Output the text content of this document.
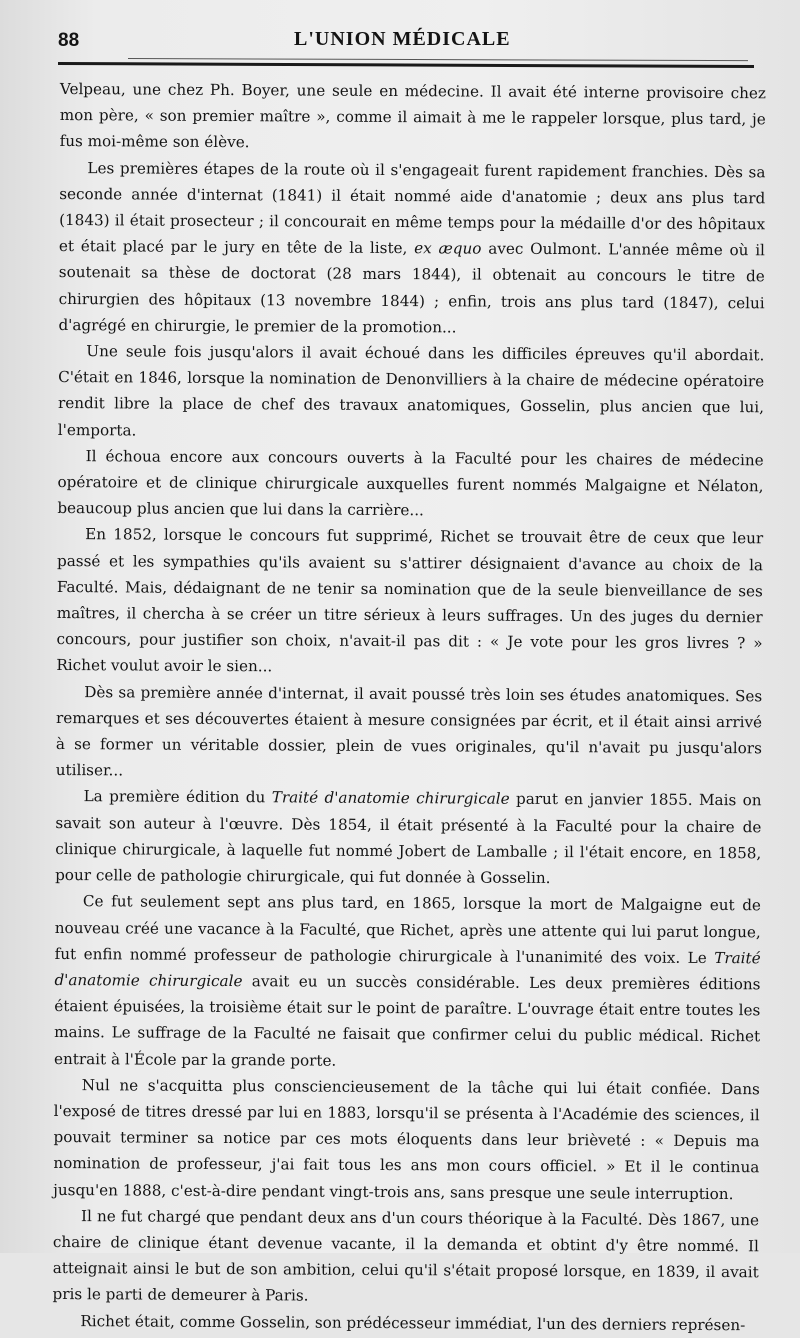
88	L'UNION MÉDICALE

Velpeau, une chez Ph. Boyer, une seule en médecine. Il avait été interne provisoire chez mon père, « son premier maître », comme il aimait à me le rappeler lorsque, plus tard, je fus moi-même son élève.

Les premières étapes de la route où il s'engageait furent rapidement franchies. Dès sa seconde année d'internat (1841) il était nommé aide d'anatomie ; deux ans plus tard (1843) il était prosecteur ; il concourait en même temps pour la médaille d'or des hôpitaux et était placé par le jury en tête de la liste, ex æquo avec Oulmont. L'année même où il soutenait sa thèse de doctorat (28 mars 1844), il obtenait au concours le titre de chirurgien des hôpitaux (13 novembre 1844) ; enfin, trois ans plus tard (1847), celui d'agrégé en chirurgie, le premier de la promotion...

Une seule fois jusqu'alors il avait échoué dans les difficiles épreuves qu'il abordait. C'était en 1846, lorsque la nomination de Denonvilliers à la chaire de médecine opératoire rendit libre la place de chef des travaux anatomiques, Gosselin, plus ancien que lui, l'emporta.

Il échoua encore aux concours ouverts à la Faculté pour les chaires de médecine opératoire et de clinique chirurgicale auxquelles furent nommés Malgaigne et Nélaton, beaucoup plus ancien que lui dans la carrière...

En 1852, lorsque le concours fut supprimé, Richet se trouvait être de ceux que leur passé et les sympathies qu'ils avaient su s'attirer désignaient d'avance au choix de la Faculté. Mais, dédaignant de ne tenir sa nomination que de la seule bienveillance de ses maîtres, il chercha à se créer un titre sérieux à leurs suffrages. Un des juges du dernier concours, pour justifier son choix, n'avait-il pas dit : « Je vote pour les gros livres ? » Richet voulut avoir le sien...

Dès sa première année d'internat, il avait poussé très loin ses études anatomiques. Ses remarques et ses découvertes étaient à mesure consignées par écrit, et il était ainsi arrivé à se former un véritable dossier, plein de vues originales, qu'il n'avait pu jusqu'alors utiliser...

La première édition du Traité d'anatomie chirurgicale parut en janvier 1855. Mais on savait son auteur à l'œuvre. Dès 1854, il était présenté à la Faculté pour la chaire de clinique chirurgicale, à laquelle fut nommé Jobert de Lamballe ; il l'était encore, en 1858, pour celle de pathologie chirurgicale, qui fut donnée à Gosselin.

Ce fut seulement sept ans plus tard, en 1865, lorsque la mort de Malgaigne eut de nouveau créé une vacance à la Faculté, que Richet, après une attente qui lui parut longue, fut enfin nommé professeur de pathologie chirurgicale à l'unanimité des voix. Le Traité d'anatomie chirurgicale avait eu un succès considérable. Les deux premières éditions étaient épuisées, la troisième était sur le point de paraître. L'ouvrage était entre toutes les mains. Le suffrage de la Faculté ne faisait que confirmer celui du public médical. Richet entrait à l'École par la grande porte.

Nul ne s'acquitta plus consciencieusement de la tâche qui lui était confiée. Dans l'exposé de titres dressé par lui en 1883, lorsqu'il se présenta à l'Académie des sciences, il pouvait terminer sa notice par ces mots éloquents dans leur brièveté : « Depuis ma nomination de professeur, j'ai fait tous les ans mon cours officiel. » Et il le continua jusqu'en 1888, c'est-à-dire pendant vingt-trois ans, sans presque une seule interruption.

Il ne fut chargé que pendant deux ans d'un cours théorique à la Faculté. Dès 1867, une chaire de clinique étant devenue vacante, il la demanda et obtint d'y être nommé. Il atteignait ainsi le but de son ambition, celui qu'il s'était proposé lorsque, en 1839, il avait pris le parti de demeurer à Paris.

Richet était, comme Gosselin, son prédécesseur immédiat, l'un des derniers représen-
